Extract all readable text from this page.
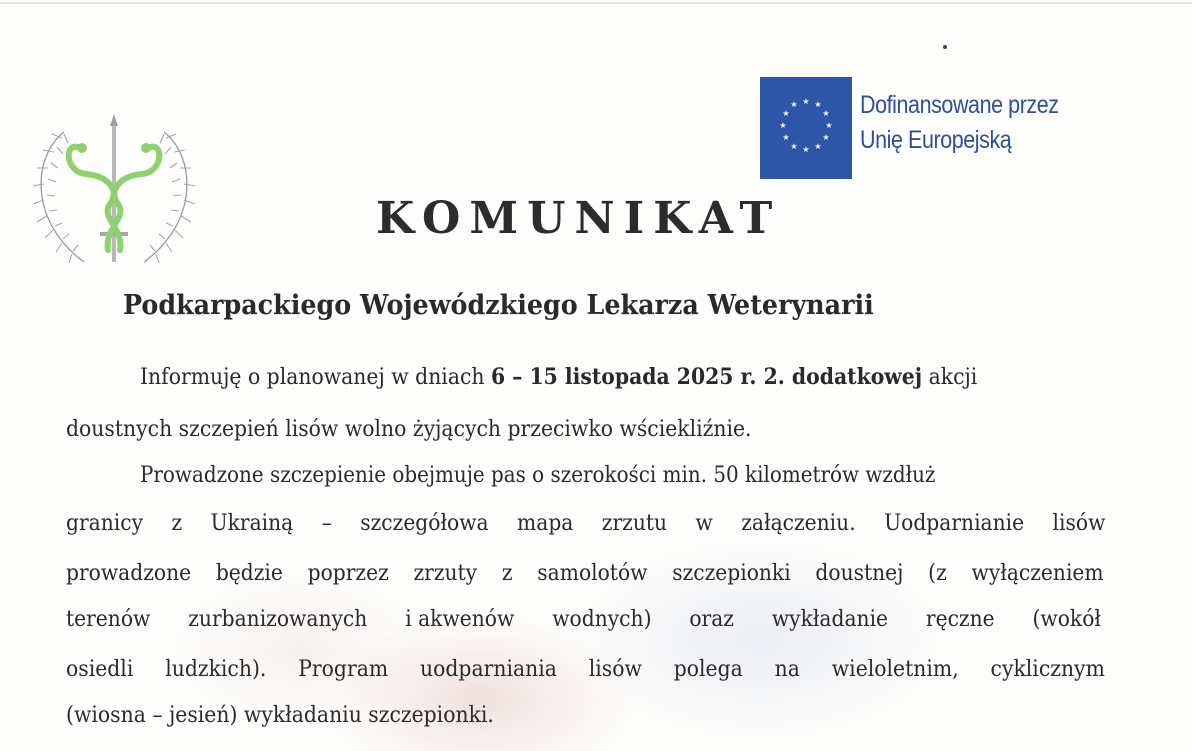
★ ★
★
★
★
★
★
★
★
★
★
★ Dofinansowane przez
Unię Europejską
KOMUNIKAT
Podkarpackiego Wojewódzkiego Lekarza Weterynarii
Informuję o planowanej w dniach 6 – 15 listopada 2025 r. 2. dodatkowej akcji
doustnych szczepień lisów wolno żyjących przeciwko wściekliźnie.
Prowadzone szczepienie obejmuje pas o szerokości min. 50 kilometrów wzdłuż
granicy z Ukrainą – szczegółowa mapa zrzutu w załączeniu. Uodparnianie lisów
prowadzone będzie poprzez zrzuty z samolotów szczepionki doustnej (z wyłączeniem
terenów zurbanizowanych i akwenów wodnych) oraz wykładanie ręczne (wokół
osiedli ludzkich). Program uodparniania lisów polega na wieloletnim, cyklicznym
(wiosna – jesień) wykładaniu szczepionki.
